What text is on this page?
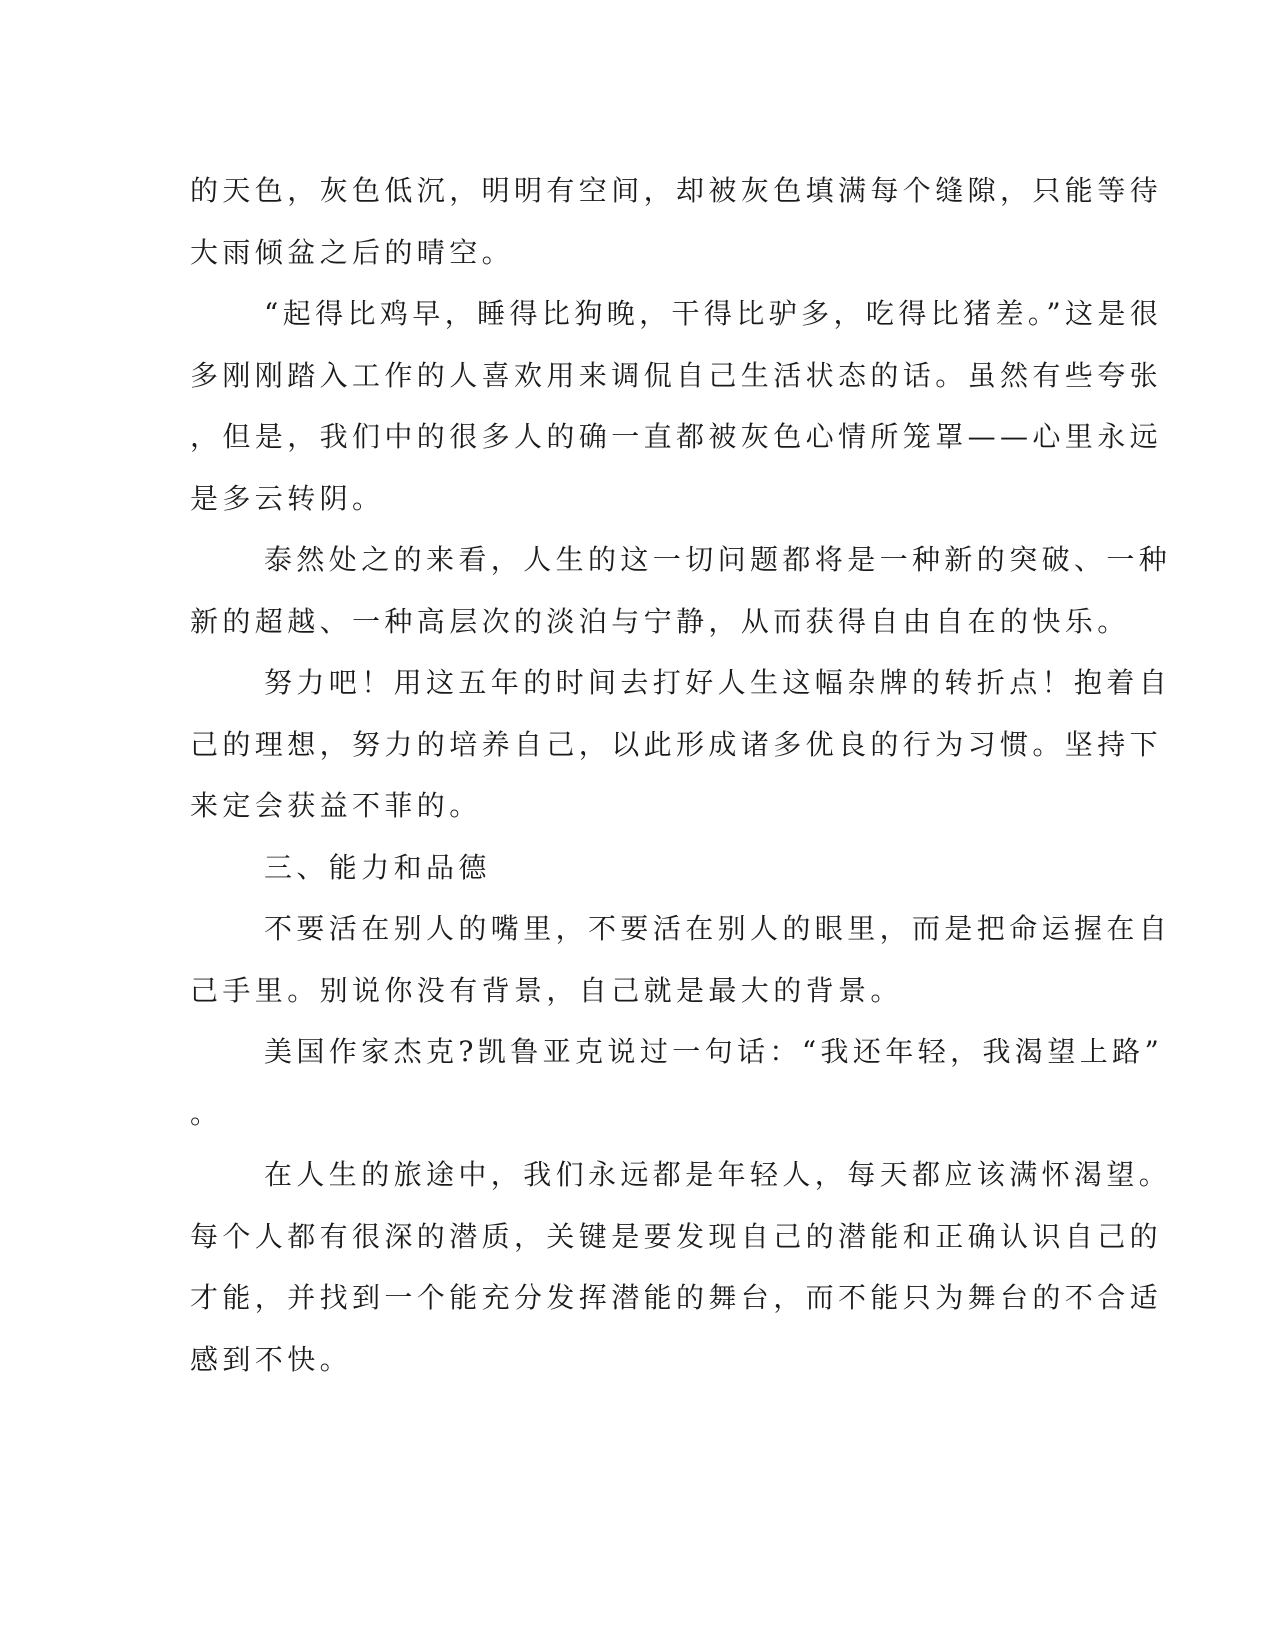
的天色，灰色低沉，明明有空间，却被灰色填满每个缝隙，只能等待

大雨倾盆之后的晴空。

“起得比鸡早，睡得比狗晚，干得比驴多，吃得比猪差。”这是很

多刚刚踏入工作的人喜欢用来调侃自己生活状态的话。虽然有些夸张

，但是，我们中的很多人的确一直都被灰色心情所笼罩——心里永远

是多云转阴。

泰然处之的来看，人生的这一切问题都将是一种新的突破、一种

新的超越、一种高层次的淡泊与宁静，从而获得自由自在的快乐。

努力吧！用这五年的时间去打好人生这幅杂牌的转折点！抱着自

己的理想，努力的培养自己，以此形成诸多优良的行为习惯。坚持下

来定会获益不菲的。

三、能力和品德

不要活在别人的嘴里，不要活在别人的眼里，而是把命运握在自

己手里。别说你没有背景，自己就是最大的背景。

美国作家杰克?凯鲁亚克说过一句话：“我还年轻，我渴望上路”

。

在人生的旅途中，我们永远都是年轻人，每天都应该满怀渴望。

每个人都有很深的潜质，关键是要发现自己的潜能和正确认识自己的

才能，并找到一个能充分发挥潜能的舞台，而不能只为舞台的不合适

感到不快。
